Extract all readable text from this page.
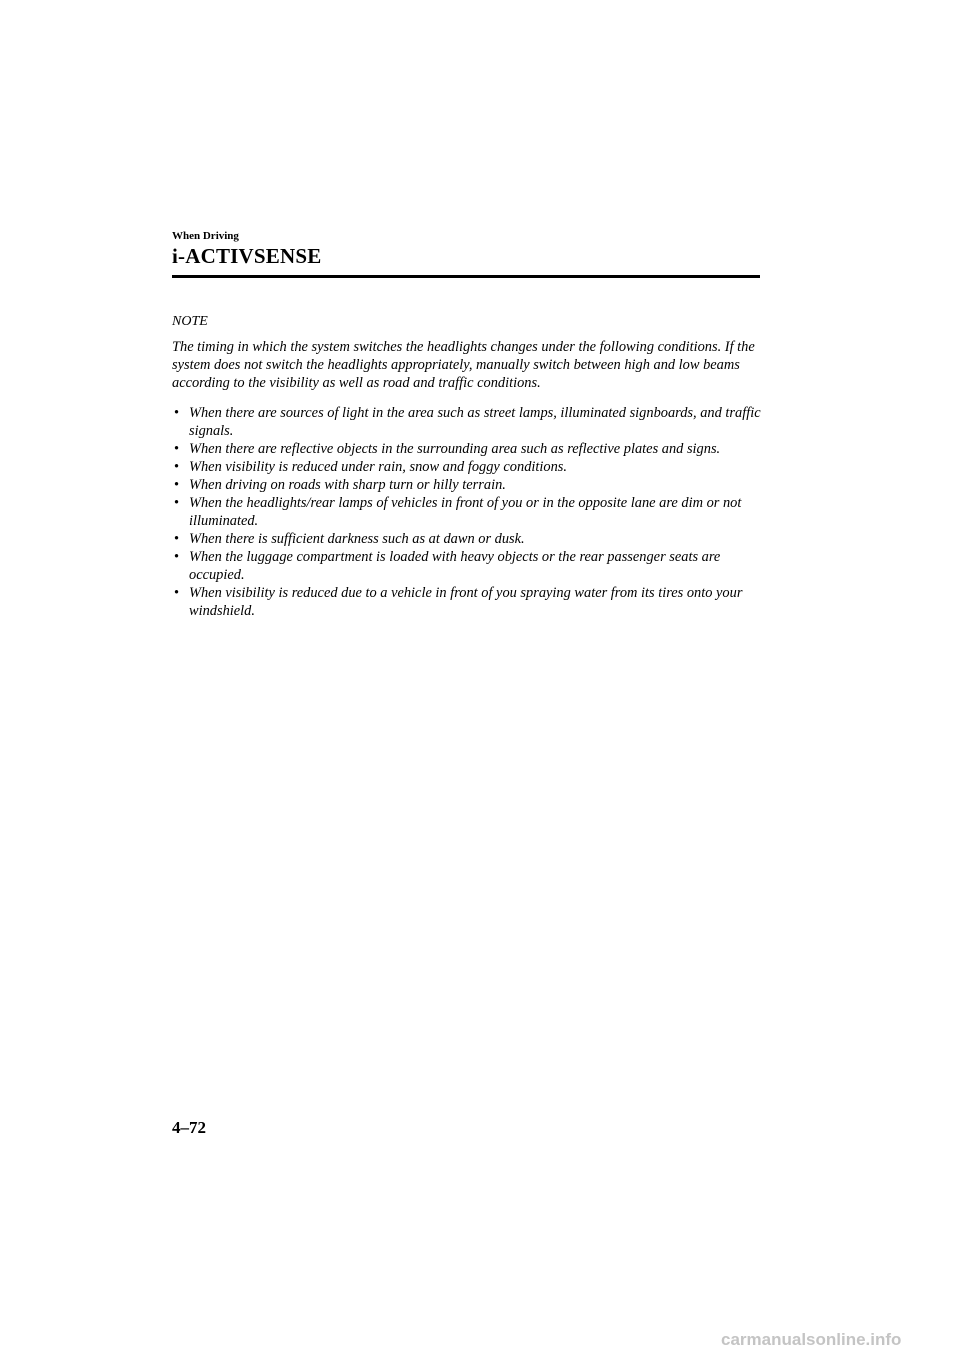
When Driving
i-ACTIVSENSE
NOTE
The timing in which the system switches the headlights changes under the following conditions. If the system does not switch the headlights appropriately, manually switch between high and low beams according to the visibility as well as road and traffic conditions.
• When there are sources of light in the area such as street lamps, illuminated signboards, and traffic signals.
• When there are reflective objects in the surrounding area such as reflective plates and signs.
• When visibility is reduced under rain, snow and foggy conditions.
• When driving on roads with sharp turn or hilly terrain.
• When the headlights/rear lamps of vehicles in front of you or in the opposite lane are dim or not illuminated.
• When there is sufficient darkness such as at dawn or dusk.
• When the luggage compartment is loaded with heavy objects or the rear passenger seats are occupied.
• When visibility is reduced due to a vehicle in front of you spraying water from its tires onto your windshield.
4–72
carmanualsonline.info
